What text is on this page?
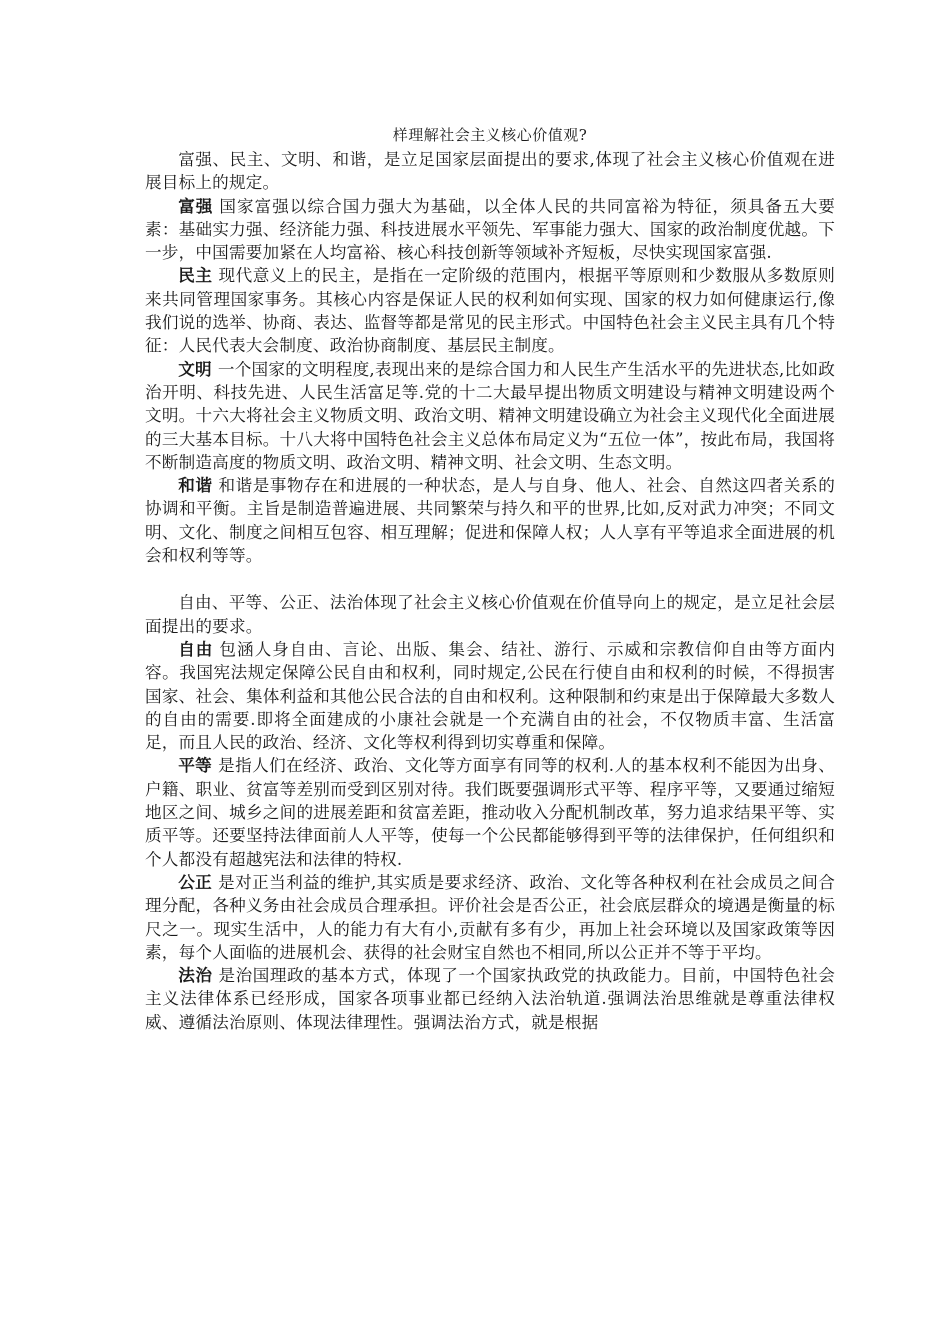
样理解社会主义核心价值观?

富强、民主、文明、和谐，是立足国家层面提出的要求,体现了社会主义核心价值观在进展目标上的规定。

富强 国家富强以综合国力强大为基础，以全体人民的共同富裕为特征，须具备五大要素：基础实力强、经济能力强、科技进展水平领先、军事能力强大、国家的政治制度优越。下一步，中国需要加紧在人均富裕、核心科技创新等领域补齐短板，尽快实现国家富强.

民主 现代意义上的民主，是指在一定阶级的范围内，根据平等原则和少数服从多数原则来共同管理国家事务。其核心内容是保证人民的权利如何实现、国家的权力如何健康运行,像我们说的选举、协商、表达、监督等都是常见的民主形式。中国特色社会主义民主具有几个特征：人民代表大会制度、政治协商制度、基层民主制度。

文明 一个国家的文明程度,表现出来的是综合国力和人民生产生活水平的先进状态,比如政治开明、科技先进、人民生活富足等.党的十二大最早提出物质文明建设与精神文明建设两个文明。十六大将社会主义物质文明、政治文明、精神文明建设确立为社会主义现代化全面进展的三大基本目标。十八大将中国特色社会主义总体布局定义为“五位一体”，按此布局，我国将不断制造高度的物质文明、政治文明、精神文明、社会文明、生态文明。

和谐 和谐是事物存在和进展的一种状态，是人与自身、他人、社会、自然这四者关系的协调和平衡。主旨是制造普遍进展、共同繁荣与持久和平的世界,比如,反对武力冲突；不同文明、文化、制度之间相互包容、相互理解；促进和保障人权；人人享有平等追求全面进展的机会和权利等等。

自由、平等、公正、法治体现了社会主义核心价值观在价值导向上的规定，是立足社会层面提出的要求。

自由 包涵人身自由、言论、出版、集会、结社、游行、示威和宗教信仰自由等方面内容。我国宪法规定保障公民自由和权利，同时规定,公民在行使自由和权利的时候，不得损害国家、社会、集体利益和其他公民合法的自由和权利。这种限制和约束是出于保障最大多数人的自由的需要.即将全面建成的小康社会就是一个充满自由的社会，不仅物质丰富、生活富足，而且人民的政治、经济、文化等权利得到切实尊重和保障。

平等 是指人们在经济、政治、文化等方面享有同等的权利.人的基本权利不能因为出身、户籍、职业、贫富等差别而受到区别对待。我们既要强调形式平等、程序平等，又要通过缩短地区之间、城乡之间的进展差距和贫富差距，推动收入分配机制改革，努力追求结果平等、实质平等。还要坚持法律面前人人平等，使每一个公民都能够得到平等的法律保护，任何组织和个人都没有超越宪法和法律的特权.

公正 是对正当利益的维护,其实质是要求经济、政治、文化等各种权利在社会成员之间合理分配，各种义务由社会成员合理承担。评价社会是否公正，社会底层群众的境遇是衡量的标尺之一。现实生活中，人的能力有大有小,贡献有多有少，再加上社会环境以及国家政策等因素，每个人面临的进展机会、获得的社会财宝自然也不相同,所以公正并不等于平均。

法治 是治国理政的基本方式，体现了一个国家执政党的执政能力。目前，中国特色社会主义法律体系已经形成，国家各项事业都已经纳入法治轨道.强调法治思维就是尊重法律权威、遵循法治原则、体现法律理性。强调法治方式，就是根据
